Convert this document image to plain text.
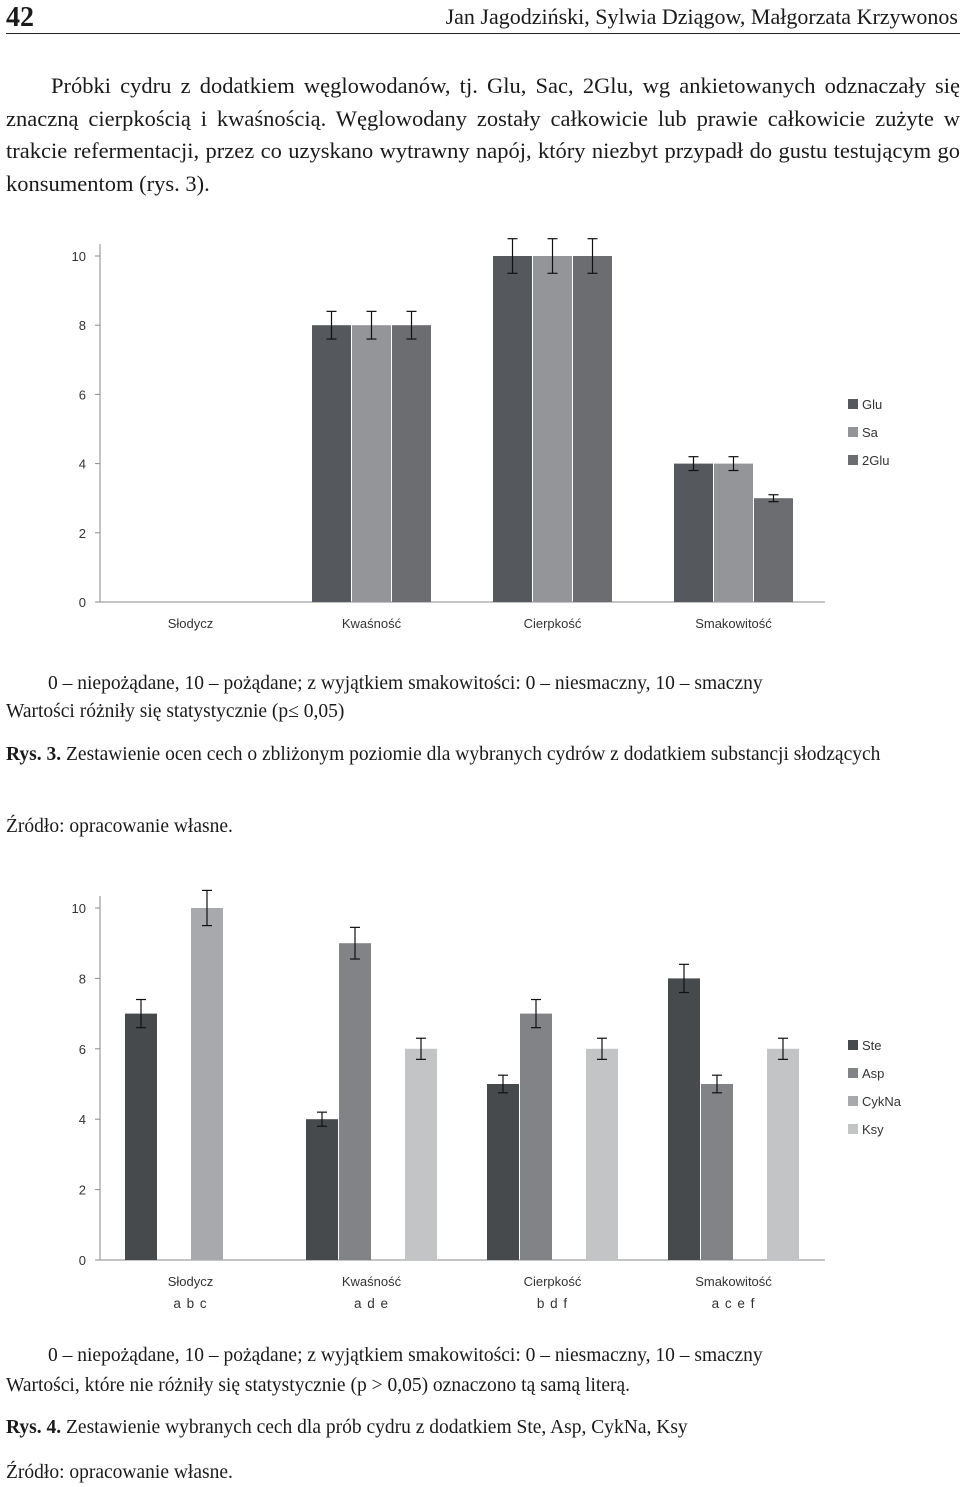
42	Jan Jagodziński, Sylwia Dziągow, Małgorzata Krzywonos
Próbki cydru z dodatkiem węglowodanów, tj. Glu, Sac, 2Glu, wg ankietowanych odznaczały się znaczną cierpkością i kwaśnością. Węglowodany zostały całkowicie lub prawie całkowicie zużyte w trakcie refermentacji, przez co uzyskano wytrawny napój, który niezbyt przypadł do gustu testującym go konsumentom (rys. 3).
0
2
4
6
8
10
Słodycz	Kwaśność	Cierpkość	Smakowitość
Glu
Sa
2Glu
0 – niepożądane, 10 – pożądane; z wyjątkiem smakowitości: 0 – niesmaczny, 10 – smaczny
Wartości różniły się statystycznie (p≤ 0,05)
Rys. 3. Zestawienie ocen cech o zbliżonym poziomie dla wybranych cydrów z dodatkiem substancji słodzących
Źródło: opracowanie własne.
0
2
4
6
8
10
Słodycz
a b c
Kwaśność
a d e
Cierpkość
b d f
Smakowitość
a c e f
Ste
Asp
CykNa
Ksy
0 – niepożądane, 10 – pożądane; z wyjątkiem smakowitości: 0 – niesmaczny, 10 – smaczny
Wartości, które nie różniły się statystycznie (p > 0,05) oznaczono tą samą literą.
Rys. 4. Zestawienie wybranych cech dla prób cydru z dodatkiem Ste, Asp, CykNa, Ksy
Źródło: opracowanie własne.
